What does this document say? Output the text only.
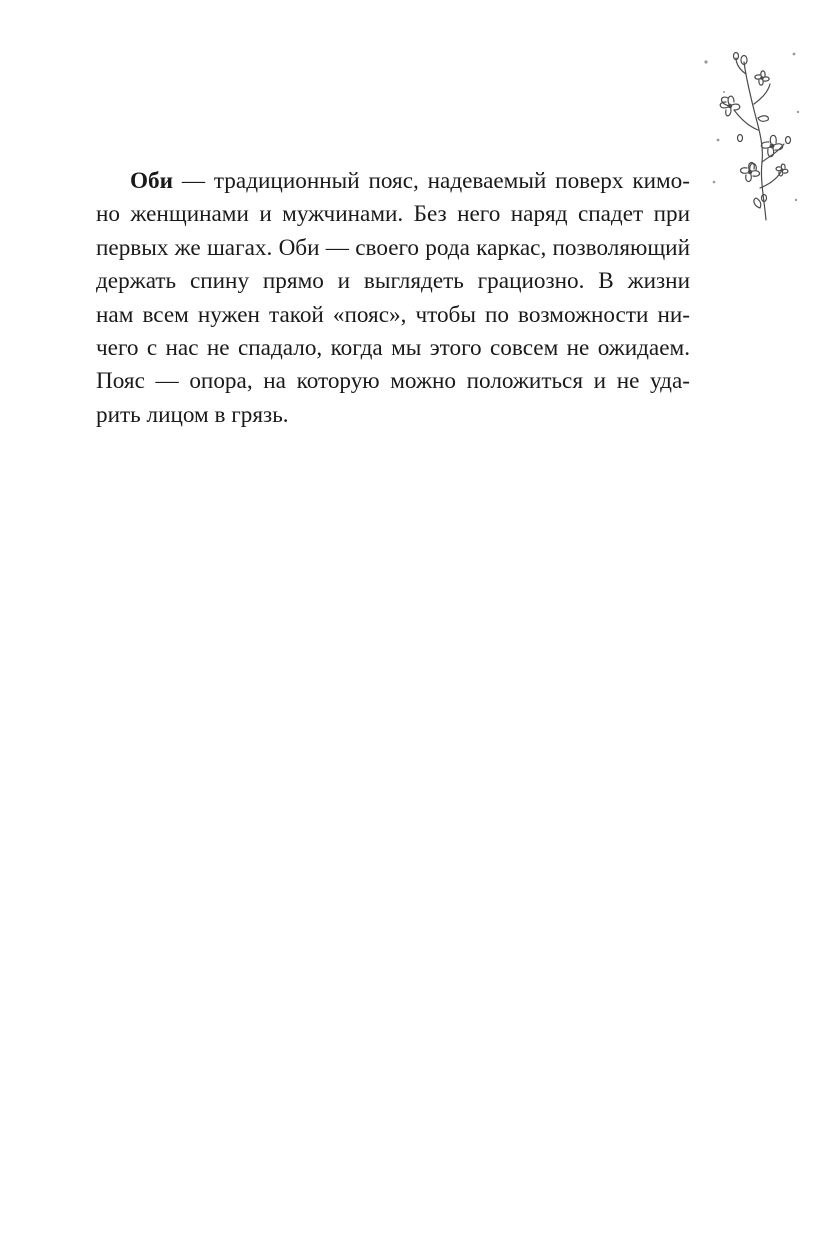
Оби — традиционный пояс, надеваемый поверх кимо-
но женщинами и мужчинами. Без него наряд спадет при
первых же шагах. Оби — своего рода каркас, позволяющий
держать спину прямо и выглядеть грациозно. В жизни
нам всем нужен такой «пояс», чтобы по возможности ни-
чего с нас не спадало, когда мы этого совсем не ожидаем.
Пояс — опора, на которую можно положиться и не уда-
рить лицом в грязь.
